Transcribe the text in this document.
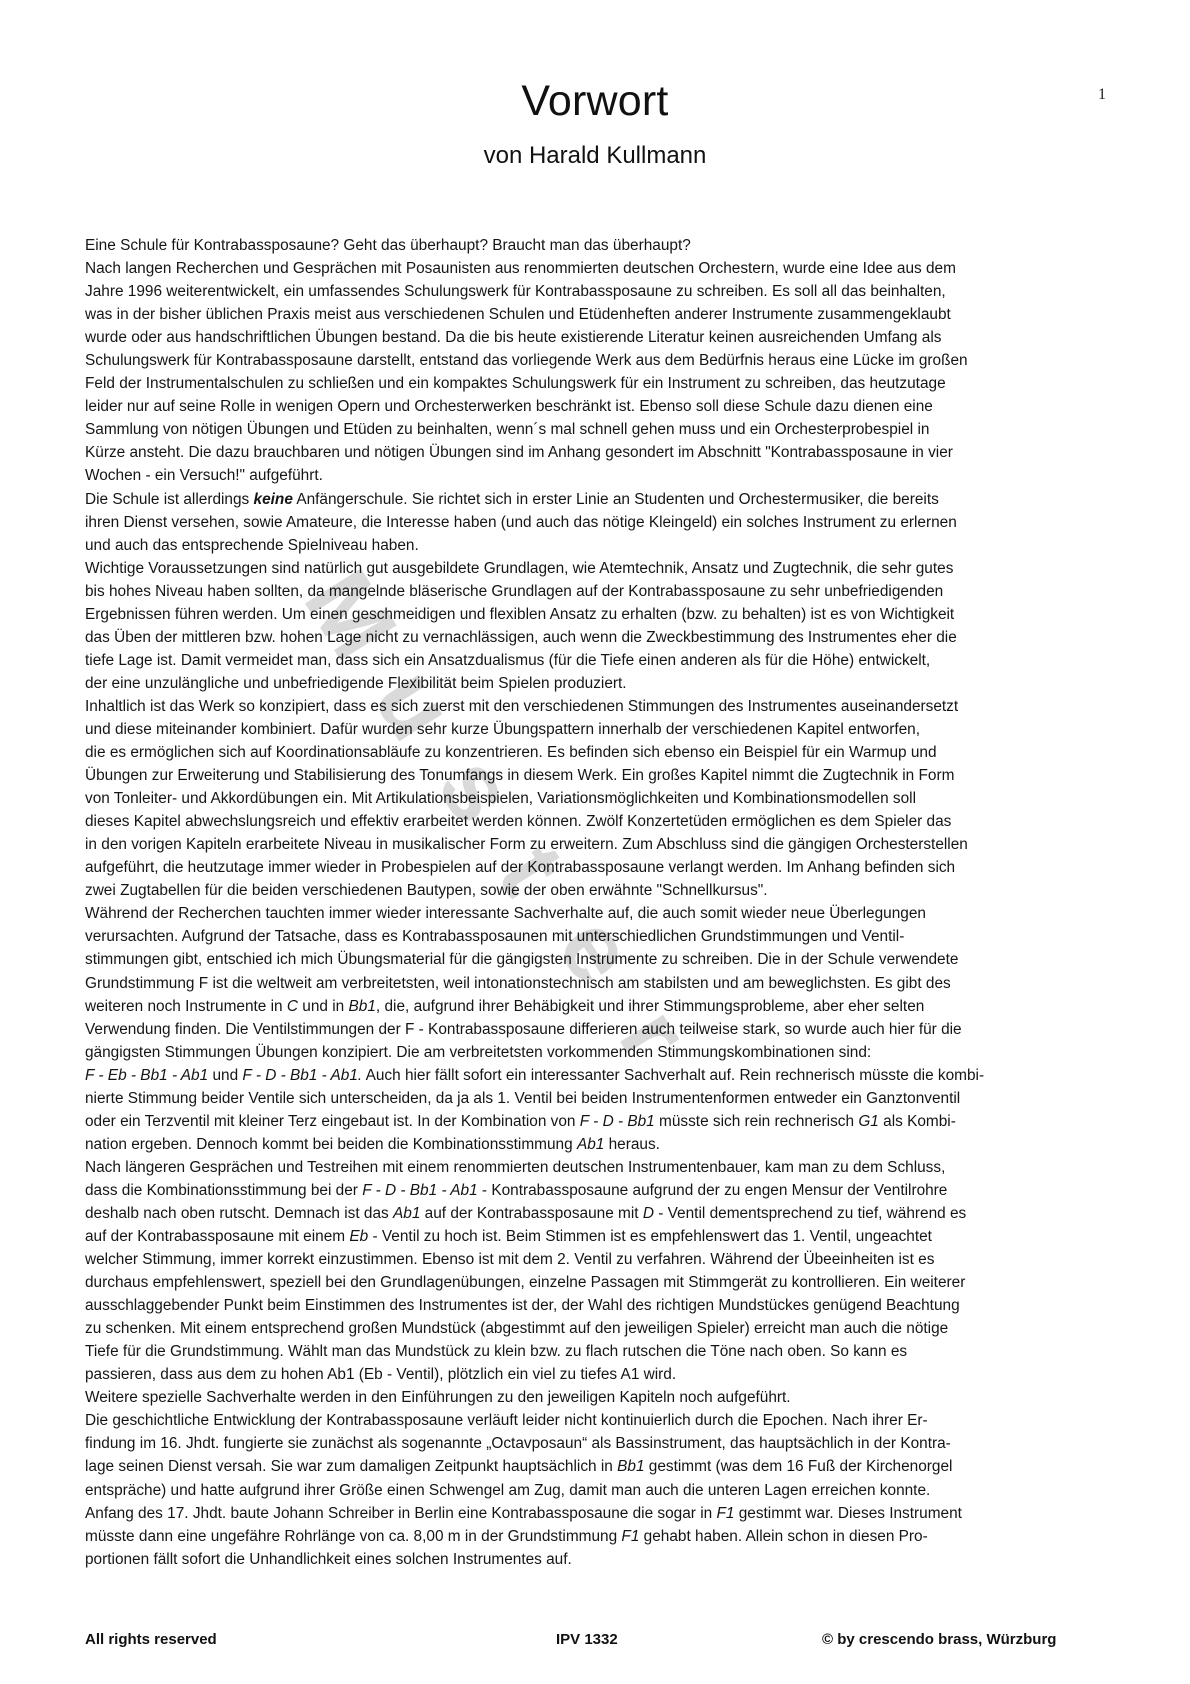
M
u
s
t
e
r
Vorwort
von Harald Kullmann
1
Eine Schule für Kontrabassposaune? Geht das überhaupt? Braucht man das überhaupt?
Nach langen Recherchen und Gesprächen mit Posaunisten aus renommierten deutschen Orchestern, wurde eine Idee aus dem
Jahre 1996 weiterentwickelt, ein umfassendes Schulungswerk für Kontrabassposaune zu schreiben. Es soll all das beinhalten,
was in der bisher üblichen Praxis meist aus verschiedenen Schulen und Etüdenheften anderer Instrumente zusammengeklaubt
wurde oder aus handschriftlichen Übungen bestand. Da die bis heute existierende Literatur keinen ausreichenden Umfang als
Schulungswerk für Kontrabassposaune darstellt, entstand das vorliegende Werk aus dem Bedürfnis heraus eine Lücke im großen
Feld der Instrumentalschulen zu schließen und ein kompaktes Schulungswerk für ein Instrument zu schreiben, das heutzutage
leider nur auf seine Rolle in wenigen Opern und Orchesterwerken beschränkt ist. Ebenso soll diese Schule dazu dienen eine
Sammlung von nötigen Übungen und Etüden zu beinhalten, wenn´s mal schnell gehen muss und ein Orchesterprobespiel in
Kürze ansteht. Die dazu brauchbaren und nötigen Übungen sind im Anhang gesondert im Abschnitt "Kontrabassposaune in vier
Wochen - ein Versuch!" aufgeführt.
Die Schule ist allerdings keine Anfängerschule. Sie richtet sich in erster Linie an Studenten und Orchestermusiker, die bereits
ihren Dienst versehen, sowie Amateure, die Interesse haben (und auch das nötige Kleingeld) ein solches Instrument zu erlernen
und auch das entsprechende Spielniveau haben.
Wichtige Voraussetzungen sind natürlich gut ausgebildete Grundlagen, wie Atemtechnik, Ansatz und Zugtechnik, die sehr gutes
bis hohes Niveau haben sollten, da mangelnde bläserische Grundlagen auf der Kontrabassposaune zu sehr unbefriedigenden
Ergebnissen führen werden. Um einen geschmeidigen und flexiblen Ansatz zu erhalten (bzw. zu behalten) ist es von Wichtigkeit
das Üben der mittleren bzw. hohen Lage nicht zu vernachlässigen, auch wenn die Zweckbestimmung des Instrumentes eher die
tiefe Lage ist. Damit vermeidet man, dass sich ein Ansatzdualismus (für die Tiefe einen anderen als für die Höhe) entwickelt,
der eine unzulängliche und unbefriedigende Flexibilität beim Spielen produziert.
Inhaltlich ist das Werk so konzipiert, dass es sich zuerst mit den verschiedenen Stimmungen des Instrumentes auseinandersetzt
und diese miteinander kombiniert. Dafür wurden sehr kurze Übungspattern innerhalb der verschiedenen Kapitel entworfen,
die es ermöglichen sich auf Koordinationsabläufe zu konzentrieren. Es befinden sich ebenso ein Beispiel für ein Warmup und
Übungen zur Erweiterung und Stabilisierung des Tonumfangs in diesem Werk. Ein großes Kapitel nimmt die Zugtechnik in Form
von Tonleiter- und Akkordübungen ein. Mit Artikulationsbeispielen, Variationsmöglichkeiten und Kombinationsmodellen soll
dieses Kapitel abwechslungsreich und effektiv erarbeitet werden können. Zwölf Konzertetüden ermöglichen es dem Spieler das
in den vorigen Kapiteln erarbeitete Niveau in musikalischer Form zu erweitern. Zum Abschluss sind die gängigen Orchesterstellen
aufgeführt, die heutzutage immer wieder in Probespielen auf der Kontrabassposaune verlangt werden. Im Anhang befinden sich
zwei Zugtabellen für die beiden verschiedenen Bautypen, sowie der oben erwähnte "Schnellkursus".
Während der Recherchen tauchten immer wieder interessante Sachverhalte auf, die auch somit wieder neue Überlegungen
verursachten. Aufgrund der Tatsache, dass es Kontrabassposaunen mit unterschiedlichen Grundstimmungen und Ventil-
stimmungen gibt, entschied ich mich Übungsmaterial für die gängigsten Instrumente zu schreiben. Die in der Schule verwendete
Grundstimmung F ist die weltweit am verbreitetsten, weil intonationstechnisch am stabilsten und am beweglichsten. Es gibt des
weiteren noch Instrumente in C und in Bb1, die, aufgrund ihrer Behäbigkeit und ihrer Stimmungsprobleme, aber eher selten
Verwendung finden. Die Ventilstimmungen der F - Kontrabassposaune differieren auch teilweise stark, so wurde auch hier für die
gängigsten Stimmungen Übungen konzipiert. Die am verbreitetsten vorkommenden Stimmungskombinationen sind:
F - Eb - Bb1 - Ab1 und F - D - Bb1 - Ab1. Auch hier fällt sofort ein interessanter Sachverhalt auf. Rein rechnerisch müsste die kombi-
nierte Stimmung beider Ventile sich unterscheiden, da ja als 1. Ventil bei beiden Instrumentenformen entweder ein Ganztonventil
oder ein Terzventil mit kleiner Terz eingebaut ist. In der Kombination von F - D - Bb1 müsste sich rein rechnerisch G1 als Kombi-
nation ergeben. Dennoch kommt bei beiden die Kombinationsstimmung Ab1 heraus.
Nach längeren Gesprächen und Testreihen mit einem renommierten deutschen Instrumentenbauer, kam man zu dem Schluss,
dass die Kombinationsstimmung bei der F - D - Bb1 - Ab1 - Kontrabassposaune aufgrund der zu engen Mensur der Ventilrohre
deshalb nach oben rutscht. Demnach ist das Ab1 auf der Kontrabassposaune mit D - Ventil dementsprechend zu tief, während es
auf der Kontrabassposaune mit einem Eb - Ventil zu hoch ist. Beim Stimmen ist es empfehlenswert das 1. Ventil, ungeachtet
welcher Stimmung, immer korrekt einzustimmen. Ebenso ist mit dem 2. Ventil zu verfahren. Während der Übeeinheiten ist es
durchaus empfehlenswert, speziell bei den Grundlagenübungen, einzelne Passagen mit Stimmgerät zu kontrollieren. Ein weiterer
ausschlaggebender Punkt beim Einstimmen des Instrumentes ist der, der Wahl des richtigen Mundstückes genügend Beachtung
zu schenken. Mit einem entsprechend großen Mundstück (abgestimmt auf den jeweiligen Spieler) erreicht man auch die nötige
Tiefe für die Grundstimmung. Wählt man das Mundstück zu klein bzw. zu flach rutschen die Töne nach oben. So kann es
passieren, dass aus dem zu hohen Ab1 (Eb - Ventil), plötzlich ein viel zu tiefes A1 wird.
Weitere spezielle Sachverhalte werden in den Einführungen zu den jeweiligen Kapiteln noch aufgeführt.
Die geschichtliche Entwicklung der Kontrabassposaune verläuft leider nicht kontinuierlich durch die Epochen. Nach ihrer Er-
findung im 16. Jhdt. fungierte sie zunächst als sogenannte „Octavposaun“ als Bassinstrument, das hauptsächlich in der Kontra-
lage seinen Dienst versah. Sie war zum damaligen Zeitpunkt hauptsächlich in Bb1 gestimmt (was dem 16 Fuß der Kirchenorgel
entspräche) und hatte aufgrund ihrer Größe einen Schwengel am Zug, damit man auch die unteren Lagen erreichen konnte.
Anfang des 17. Jhdt. baute Johann Schreiber in Berlin eine Kontrabassposaune die sogar in F1 gestimmt war. Dieses Instrument
müsste dann eine ungefähre Rohrlänge von ca. 8,00 m in der Grundstimmung F1 gehabt haben. Allein schon in diesen Pro-
portionen fällt sofort die Unhandlichkeit eines solchen Instrumentes auf.
All rights reserved	IPV 1332	© by crescendo brass, Würzburg
